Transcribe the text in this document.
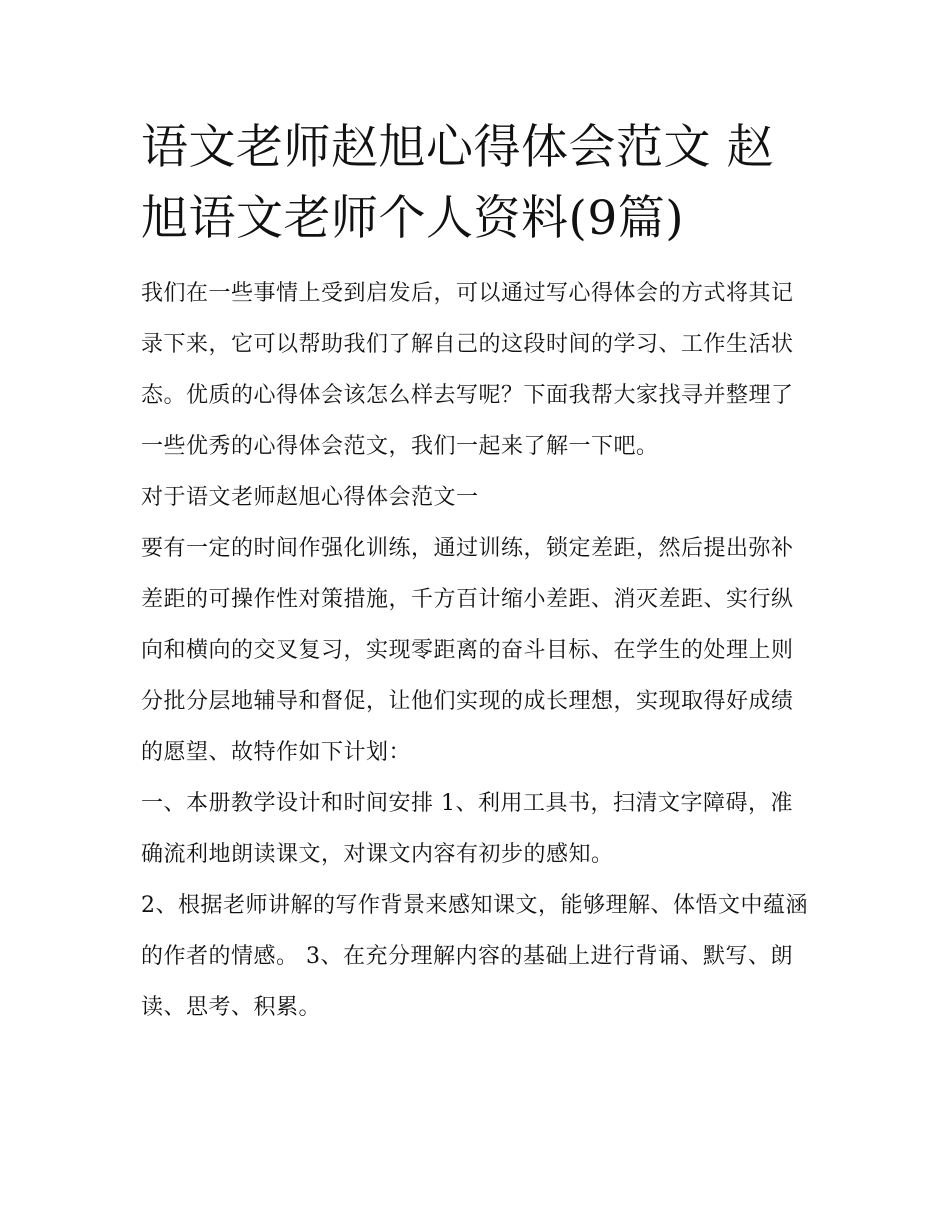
语文老师赵旭心得体会范文 赵旭语文老师个人资料(9篇)

我们在一些事情上受到启发后，可以通过写心得体会的方式将其记录下来，它可以帮助我们了解自己的这段时间的学习、工作生活状态。优质的心得体会该怎么样去写呢？下面我帮大家找寻并整理了一些优秀的心得体会范文，我们一起来了解一下吧。

对于语文老师赵旭心得体会范文一

要有一定的时间作强化训练，通过训练，锁定差距，然后提出弥补差距的可操作性对策措施，千方百计缩小差距、消灭差距、实行纵向和横向的交叉复习，实现零距离的奋斗目标、在学生的处理上则分批分层地辅导和督促，让他们实现的成长理想，实现取得好成绩的愿望、故特作如下计划：

一、本册教学设计和时间安排 1、利用工具书，扫清文字障碍，准确流利地朗读课文，对课文内容有初步的感知。

2、根据老师讲解的写作背景来感知课文，能够理解、体悟文中蕴涵的作者的情感。 3、在充分理解内容的基础上进行背诵、默写、朗读、思考、积累。
